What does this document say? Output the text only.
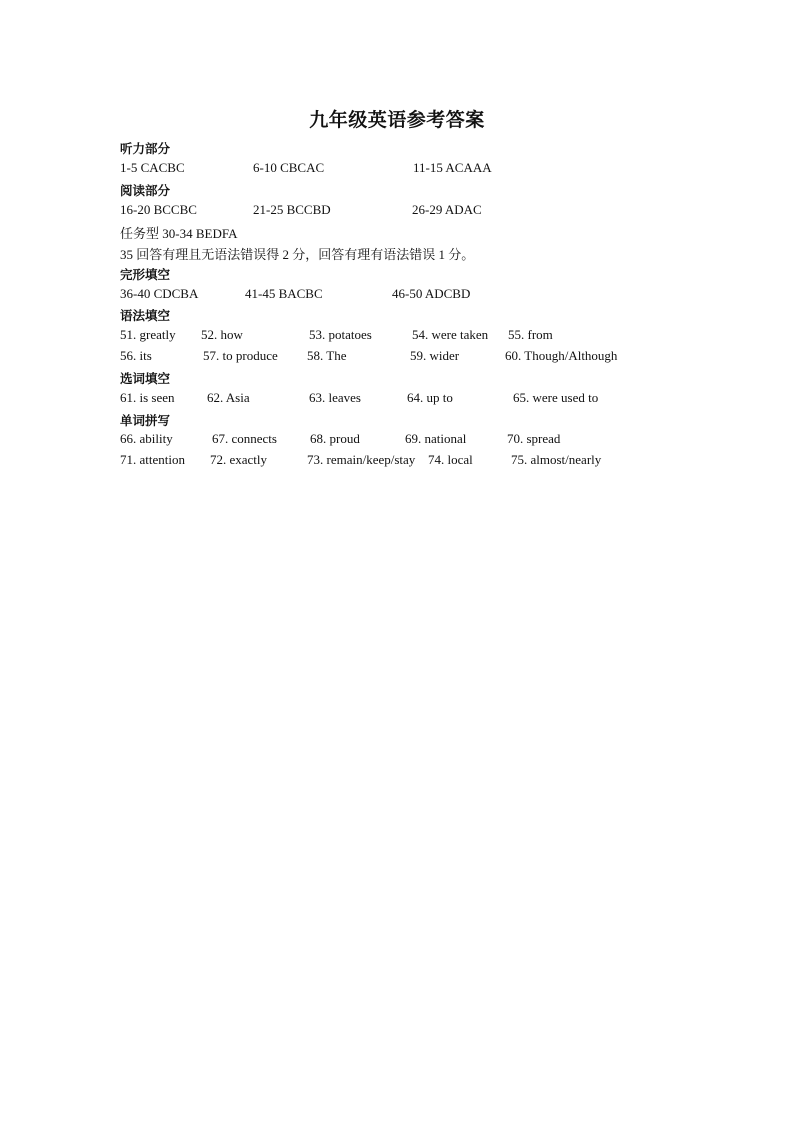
九年级英语参考答案
听力部分
1-5 CACBC	6-10 CBCAC	11-15 ACAAA
阅读部分
16-20 BCCBC	21-25 BCCBD	26-29 ADAC
任务型 30-34 BEDFA
35 回答有理且无语法错误得 2 分，回答有理有语法错误 1 分。
完形填空
36-40 CDCBA	41-45 BACBC	46-50 ADCBD
语法填空
51. greatly 52. how	53. potatoes	54. were taken 55. from
56. its	57. to produce 58. The	59. wider	60. Though/Although
选词填空
61. is seen 62. Asia	63. leaves	64. up to	65. were used to
单词拼写
66. ability	67. connects	68. proud	69. national	70. spread
71. attention 72. exactly	73. remain/keep/stay 74. local	75. almost/nearly
